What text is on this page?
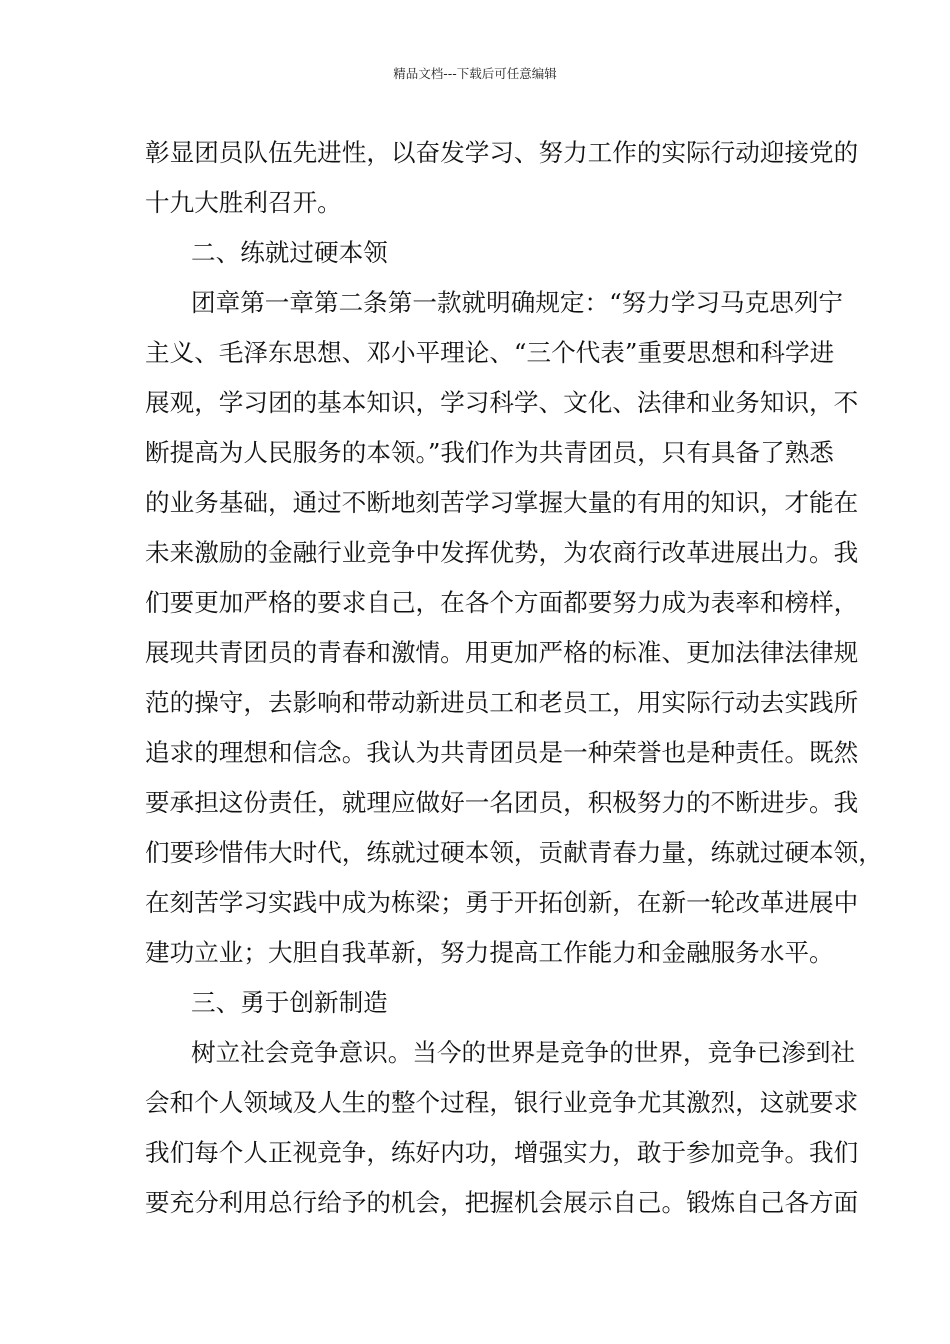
精品文档---下载后可任意编辑
彰显团员队伍先进性，以奋发学习、努力工作的实际行动迎接党的
十九大胜利召开。
二、练就过硬本领
团章第一章第二条第一款就明确规定：“努力学习马克思列宁
主义、毛泽东思想、邓小平理论、“三个代表”重要思想和科学进
展观，学习团的基本知识，学习科学、文化、法律和业务知识，不
断提高为人民服务的本领。”我们作为共青团员，只有具备了熟悉
的业务基础，通过不断地刻苦学习掌握大量的有用的知识，才能在
未来激励的金融行业竞争中发挥优势，为农商行改革进展出力。我
们要更加严格的要求自己，在各个方面都要努力成为表率和榜样，
展现共青团员的青春和激情。用更加严格的标准、更加法律法律规
范的操守，去影响和带动新进员工和老员工，用实际行动去实践所
追求的理想和信念。我认为共青团员是一种荣誉也是种责任。既然
要承担这份责任，就理应做好一名团员，积极努力的不断进步。我
们要珍惜伟大时代，练就过硬本领，贡献青春力量，练就过硬本领，
在刻苦学习实践中成为栋梁；勇于开拓创新，在新一轮改革进展中
建功立业；大胆自我革新，努力提高工作能力和金融服务水平。
三、勇于创新制造
树立社会竞争意识。当今的世界是竞争的世界，竞争已渗到社
会和个人领域及人生的整个过程，银行业竞争尤其激烈，这就要求
我们每个人正视竞争，练好内功，增强实力，敢于参加竞争。我们
要充分利用总行给予的机会，把握机会展示自己。锻炼自己各方面
